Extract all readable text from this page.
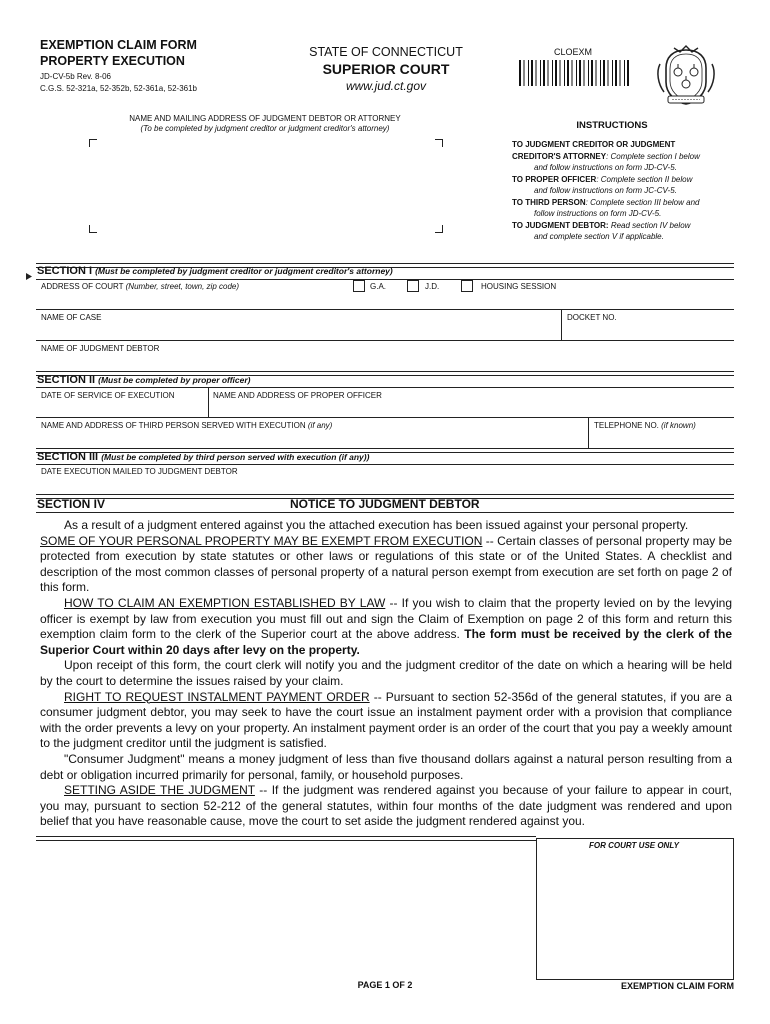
EXEMPTION CLAIM FORM
PROPERTY EXECUTION
JD-CV-5b Rev. 8-06
C.G.S. 52-321a, 52-352b, 52-361a, 52-361b
STATE OF CONNECTICUT
SUPERIOR COURT
www.jud.ct.gov
CLOEXM
NAME AND MAILING ADDRESS OF JUDGMENT DEBTOR OR ATTORNEY
(To be completed by judgment creditor or judgment creditor's attorney)	INSTRUCTIONS
TO JUDGMENT CREDITOR OR JUDGMENT
CREDITOR'S ATTORNEY: Complete section I below
and follow instructions on form JD-CV-5.
TO PROPER OFFICER: Complete section II below
and follow instructions on form JC-CV-5.
TO THIRD PERSON: Complete section III below and
follow instructions on form JD-CV-5.
TO JUDGMENT DEBTOR: Read section IV below
and complete section V if applicable.
SECTION I (Must be completed by judgment creditor or judgment creditor's attorney)
ADDRESS OF COURT (Number, street, town, zip code)	G.A.	J.D.	HOUSING SESSION
NAME OF CASE	DOCKET NO.
NAME OF JUDGMENT DEBTOR
SECTION II (Must be completed by proper officer)
DATE OF SERVICE OF EXECUTION	NAME AND ADDRESS OF PROPER OFFICER
NAME AND ADDRESS OF THIRD PERSON SERVED WITH EXECUTION (if any)	TELEPHONE NO. (if known)
SECTION III (Must be completed by third person served with execution (if any))
DATE EXECUTION MAILED TO JUDGMENT DEBTOR
SECTION IV	NOTICE TO JUDGMENT DEBTOR

As a result of a judgment entered against you the attached execution has been issued against your personal property.

SOME OF YOUR PERSONAL PROPERTY MAY BE EXEMPT FROM EXECUTION -- Certain classes of personal property may be protected from execution by state statutes or other laws or regulations of this state or of the United States. A checklist and description of the most common classes of personal property of a natural person exempt from execution are set forth on page 2 of this form.

HOW TO CLAIM AN EXEMPTION ESTABLISHED BY LAW -- If you wish to claim that the property levied on by the levying officer is exempt by law from execution you must fill out and sign the Claim of Exemption on page 2 of this form and return this exemption claim form to the clerk of the Superior court at the above address. The form must be received by the clerk of the Superior Court within 20 days after levy on the property.

Upon receipt of this form, the court clerk will notify you and the judgment creditor of the date on which a hearing will be held by the court to determine the issues raised by your claim.

RIGHT TO REQUEST INSTALMENT PAYMENT ORDER -- Pursuant to section 52-356d of the general statutes, if you are a consumer judgment debtor, you may seek to have the court issue an instalment payment order with a provision that compliance with the order prevents a levy on your property. An instalment payment order is an order of the court that you pay a weekly amount to the judgment creditor until the judgment is satisfied.

"Consumer Judgment" means a money judgment of less than five thousand dollars against a natural person resulting from a debt or obligation incurred primarily for personal, family, or household purposes.

SETTING ASIDE THE JUDGMENT -- If the judgment was rendered against you because of your failure to appear in court, you may, pursuant to section 52-212 of the general statutes, within four months of the date judgment was rendered and upon belief that you have reasonable cause, move the court to set aside the judgment rendered against you.

FOR COURT USE ONLY
PAGE 1 OF 2	EXEMPTION CLAIM FORM
